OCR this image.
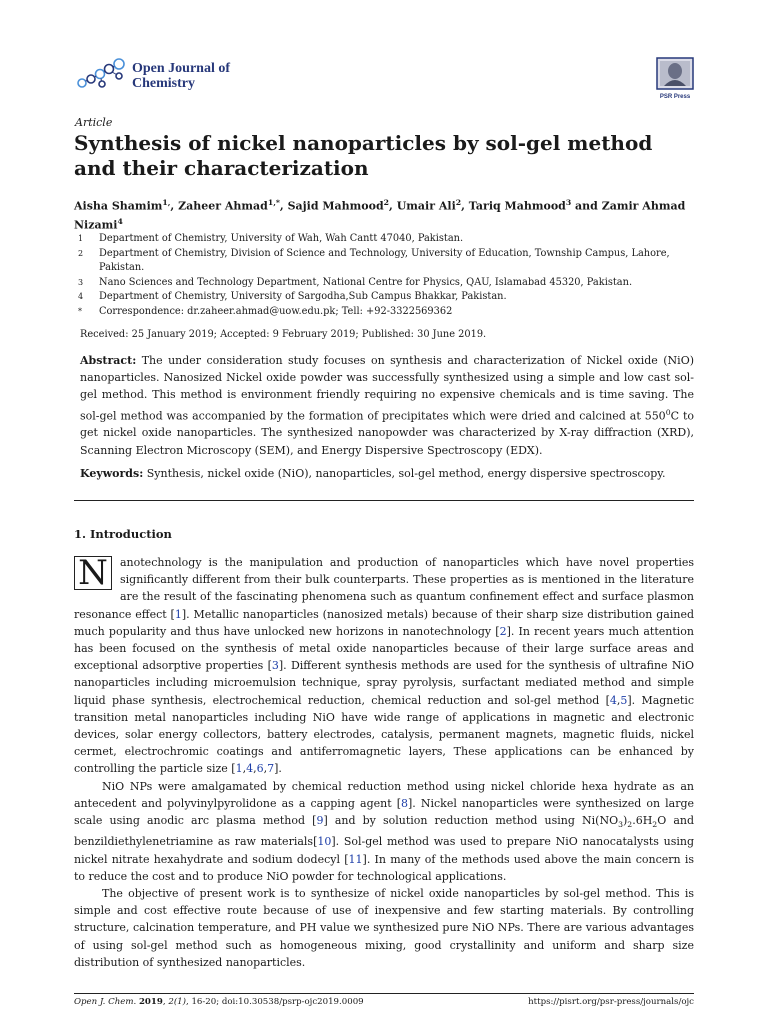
Open Journal of
Chemistry
PSR Press
Article
Synthesis of nickel nanoparticles by sol-gel method and their characterization
Aisha Shamim$^{1,}$, Zaheer Ahmad$^{1,*}$, Sajid Mahmood$^2$, Umair Ali$^2$, Tariq Mahmood$^3$ and Zamir Ahmad Nizami$^4$
1	Department of Chemistry, University of Wah, Wah Cantt 47040, Pakistan.
2	Department of Chemistry, Division of Science and Technology, University of Education, Township Campus, Lahore, Pakistan.
3	Nano Sciences and Technology Department, National Centre for Physics, QAU, Islamabad 45320, Pakistan.
4	Department of Chemistry, University of Sargodha,Sub Campus Bhakkar, Pakistan.
*	Correspondence: dr.zaheer.ahmad@uow.edu.pk; Tell: +92-3322569362
Received: 25 January 2019; Accepted: 9 February 2019; Published: 30 June 2019.
Abstract: The under consideration study focuses on synthesis and characterization of Nickel oxide (NiO) nanoparticles. Nanosized Nickel oxide powder was successfully synthesized using a simple and low cast sol-gel method. This method is environment friendly requiring no expensive chemicals and is time saving. The sol-gel method was accompanied by the formation of precipitates which were dried and calcined at $550^0C$ to get nickel oxide nanoparticles. The synthesized nanopowder was characterized by X-ray diffraction (XRD), Scanning Electron Microscopy (SEM), and Energy Dispersive Spectroscopy (EDX).
Keywords: Synthesis, nickel oxide (NiO), nanoparticles, sol-gel method, energy dispersive spectroscopy.
1. Introduction

N	anotechnology is the manipulation and production of nanoparticles which have novel properties significantly different from their bulk counterparts. These properties as is mentioned in the literature are the result of the fascinating phenomena such as quantum confinement effect and surface plasmon resonance effect [1]. Metallic nanoparticles (nanosized metals) because of their sharp size distribution gained much popularity and thus have unlocked new horizons in nanotechnology [2]. In recent years much attention has been focused on the synthesis of metal oxide nanoparticles because of their large surface areas and exceptional adsorptive properties [3]. Different synthesis methods are used for the synthesis of ultrafine NiO nanoparticles including microemulsion technique, spray pyrolysis, surfactant mediated method and simple liquid phase synthesis, electrochemical reduction, chemical reduction and sol-gel method [4,5]. Magnetic transition metal nanoparticles including NiO have wide range of applications in magnetic and electronic devices, solar energy collectors, battery electrodes, catalysis, permanent magnets, magnetic fluids, nickel cermet, electrochromic coatings and antiferromagnetic layers, These applications can be enhanced by controlling the particle size [1,4,6,7].

NiO NPs were amalgamated by chemical reduction method using nickel chloride hexa hydrate as an antecedent and polyvinylpyrolidone as a capping agent [8]. Nickel nanoparticles were synthesized on large scale using anodic arc plasma method [9] and by solution reduction method using $Ni(NO_3)_2.6H_2O$ and benzildiethylenetriamine as raw materials[10]. Sol-gel method was used to prepare NiO nanocatalysts using nickel nitrate hexahydrate and sodium dodecyl [11]. In many of the methods used above the main concern is to reduce the cost and to produce NiO powder for technological applications.

The objective of present work is to synthesize of nickel oxide nanoparticles by sol-gel method. This is simple and cost effective route because of use of inexpensive and few starting materials. By controlling structure, calcination temperature, and PH value we synthesized pure NiO NPs. There are various advantages of using sol-gel method such as homogeneous mixing, good crystallinity and uniform and sharp size distribution of synthesized nanoparticles.

Open J. Chem. 2019, 2(1), 16-20; doi:10.30538/psrp-ojc2019.0009	https://pisrt.org/psr-press/journals/ojc
